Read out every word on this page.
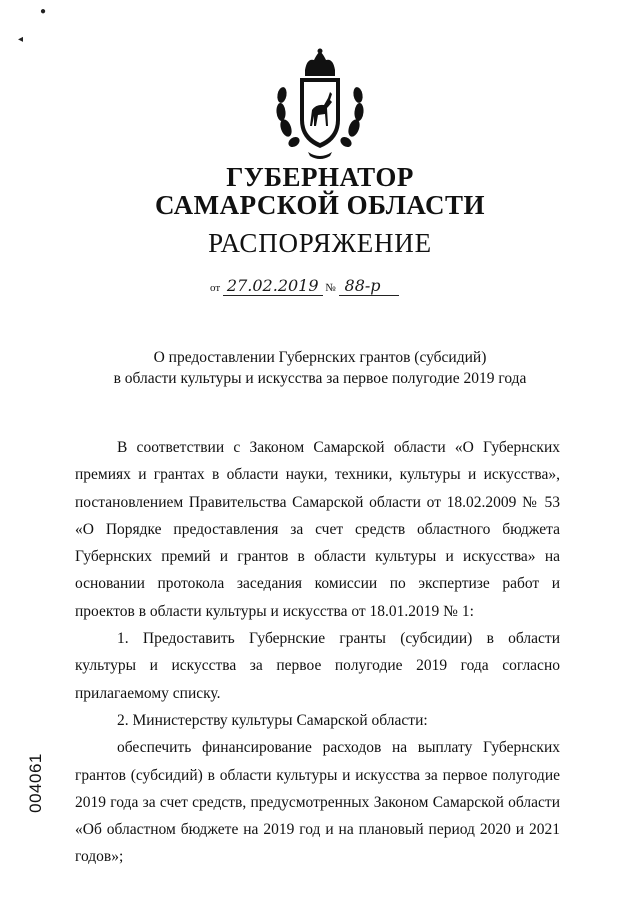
●
◂
ГУБЕРНАТОР
САМАРСКОЙ ОБЛАСТИ
РАСПОРЯЖЕНИЕ
от 27.02.2019 № 88-р
О предоставлении Губернских грантов (субсидий)
в области культуры и искусства за первое полугодие 2019 года

В соответствии с Законом Самарской области «О Губернских премиях и грантах в области науки, техники, культуры и искусства», постановлением Правительства Самарской области от 18.02.2009 № 53 «О Порядке предоставления за счет средств областного бюджета Губернских премий и грантов в области культуры и искусства» на основании протокола заседания комиссии по экспертизе работ и проектов в области культуры и искусства от 18.01.2019 № 1:

1. Предоставить Губернские гранты (субсидии) в области культуры и искусства за первое полугодие 2019 года согласно прилагаемому списку.

2. Министерству культуры Самарской области:

обеспечить финансирование расходов на выплату Губернских грантов (субсидий) в области культуры и искусства за первое полугодие 2019 года за счет средств, предусмотренных Законом Самарской области «Об областном бюджете на 2019 год и на плановый период 2020 и 2021 годов»;

004061
